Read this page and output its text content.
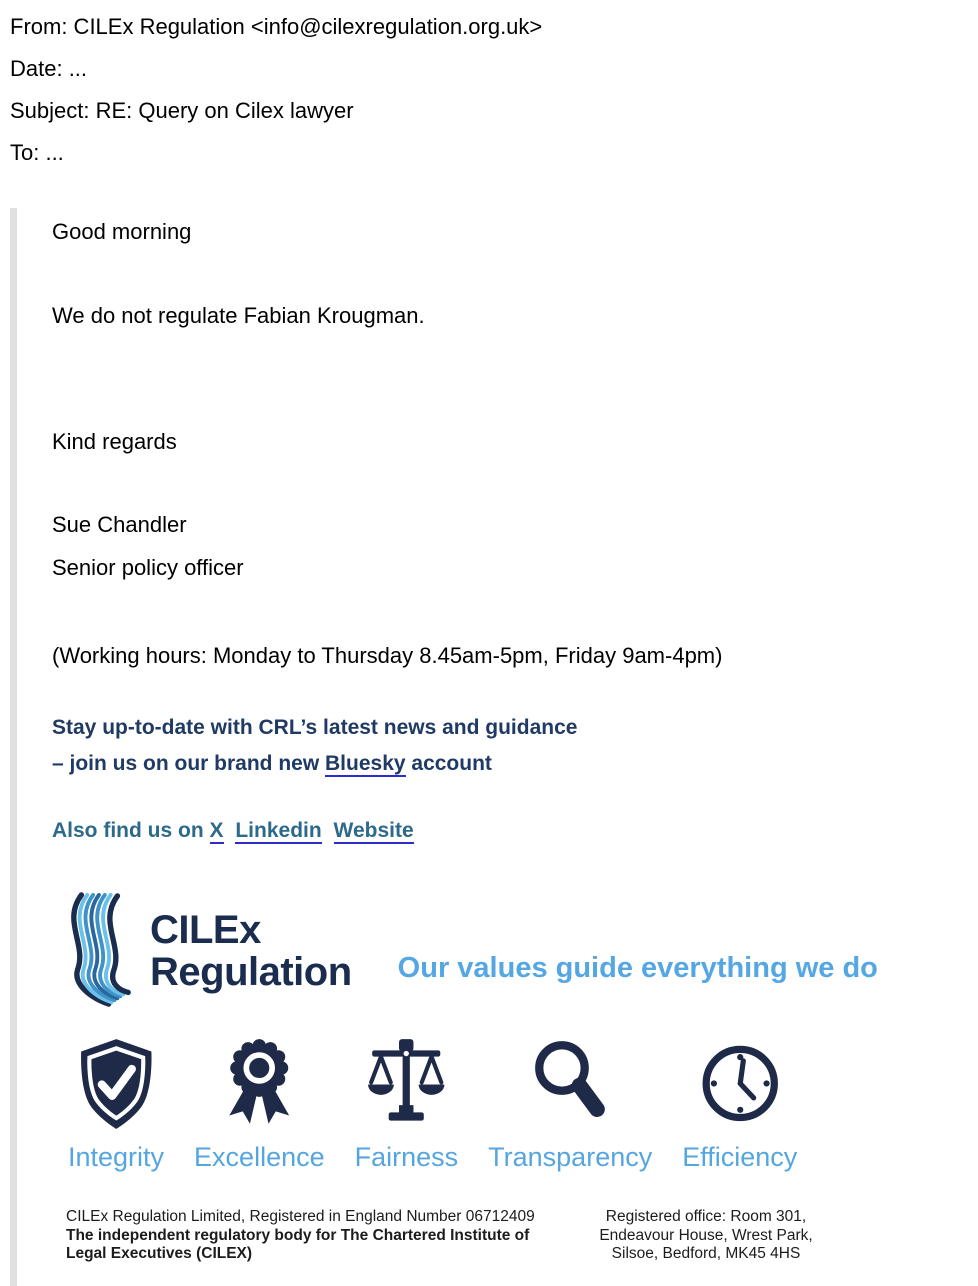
From: CILEx Regulation <info@cilexregulation.org.uk>
Date: ...
Subject: RE: Query on Cilex lawyer
To: ...

Good morning

We do not regulate Fabian Krougman.

Kind regards

Sue Chandler

Senior policy officer

(Working hours: Monday to Thursday 8.45am-5pm, Friday 9am-4pm)

Stay up-to-date with CRL’s latest news and guidance
– join us on our brand new Bluesky account
Also find us on X Linkedin Website
CILEx
Regulation Our values guide everything we do
Integrity Excellence Fairness Transparency Efficiency
CILEx Regulation Limited, Registered in England Number 06712409
The independent regulatory body for The Chartered Institute of
Legal Executives (CILEX)
Registered office: Room 301,
Endeavour House, Wrest Park,
Silsoe, Bedford, MK45 4HS
